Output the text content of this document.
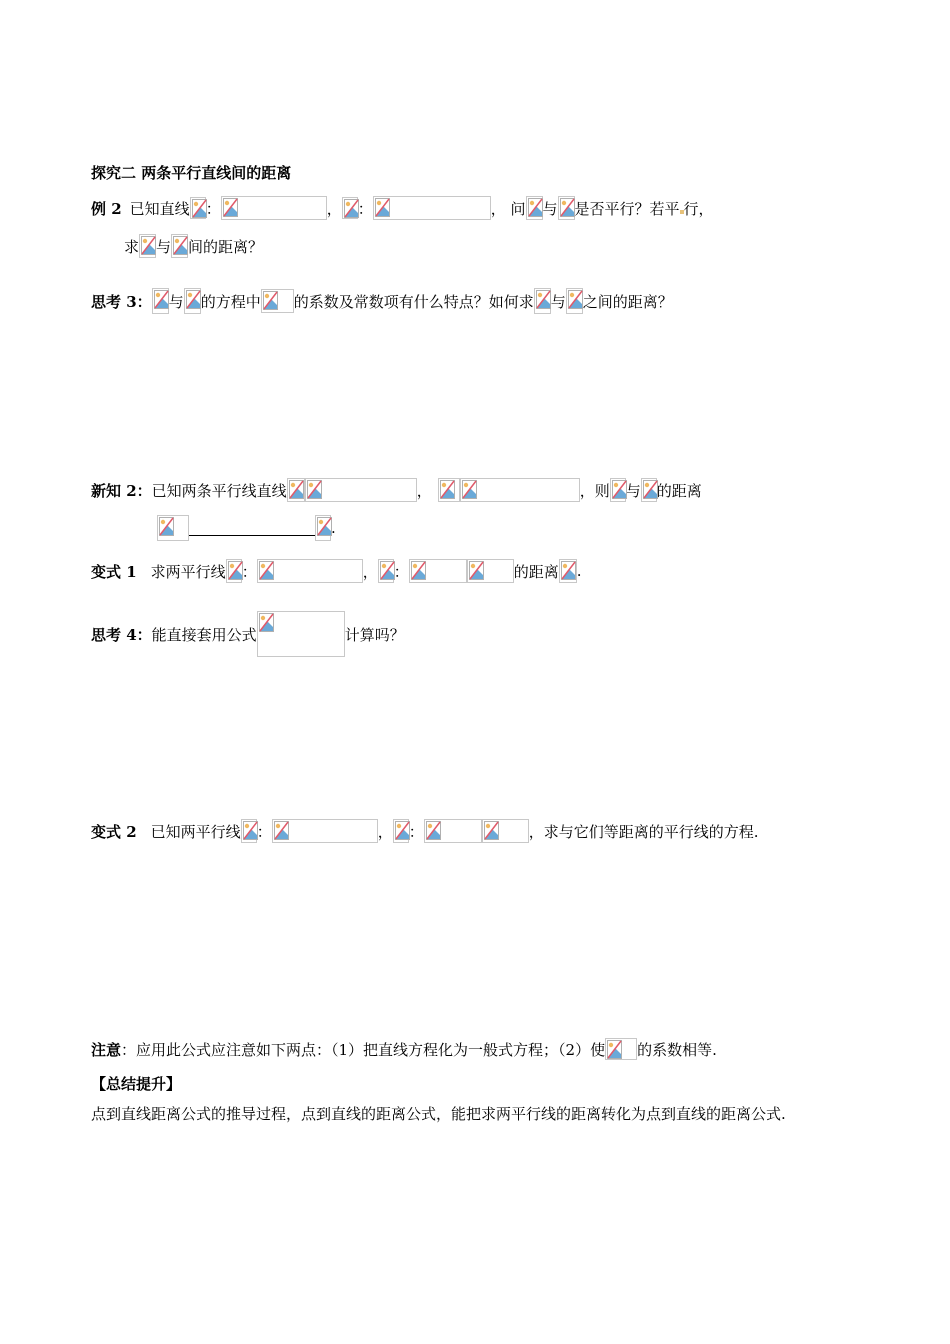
探究二 两条平行直线间的距离
例 2 已知直线 ：	， ：	， 问 与 是否平行？若平 行，
求 与 间的距离？
思考 3： 与 的方程中 的系数及常数项有什么特点？如何求 与 之间的距离？
新知 2： 已知两条平行线直线	，	，则 与 的距离
.
变式 1 求两平行线 ：	， ：	的距离 .
思考 4： 能直接套用公式	计算吗？
变式 2 已知两平行线 ：	， ：	，求与它们等距离的平行线的方程.
注意 ：应用此公式应注意如下两点：（1）把直线方程化为一般式方程；（2）使 的系数相等.
【总结提升】
点到直线距离公式的推导过程，点到直线的距离公式，能把求两平行线的距离转化为点到直线的距离公式.
